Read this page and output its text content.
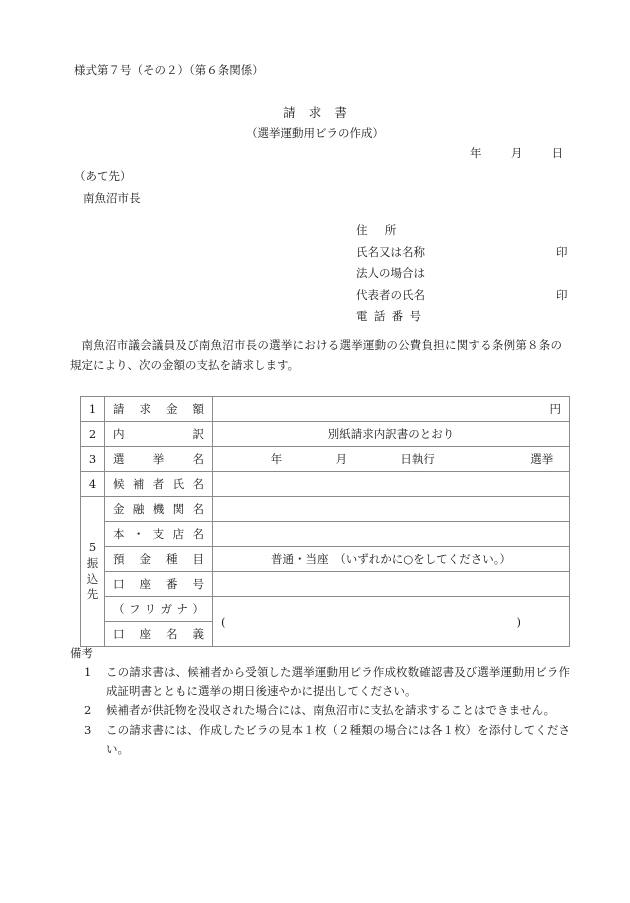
様式第７号（その２）（第６条関係）
請求書
（選挙運動用ビラの作成）
年	月	日
（あて先）
南魚沼市長
住所
氏名又は名称	印
法人の場合は
代表者の氏名	印
電話番号
南魚沼市議会議員及び南魚沼市長の選挙における選挙運動の公費負担に関する条例第８条の規定により、次の金額の支払を請求します。
1	請求金額	円
2	内訳	別紙請求内訳書のとおり
3	選挙名	年 月 日執行 選挙
4	候補者氏名	

5
振
込
先	金融機関名	
	本・支店名	
	預金種目	普通・当座　（いずれかに○をしてください。）
	口座番号	
	（フリガナ）	( )

	口座名義	
備考
1 この請求書は、候補者から受領した選挙運動用ビラ作成枚数確認書及び選挙運動用ビラ作成証明書とともに選挙の期日後速やかに提出してください。
2 候補者が供託物を没収された場合には、南魚沼市に支払を請求することはできません。
3 この請求書には、作成したビラの見本１枚（２種類の場合には各１枚）を添付してください。
